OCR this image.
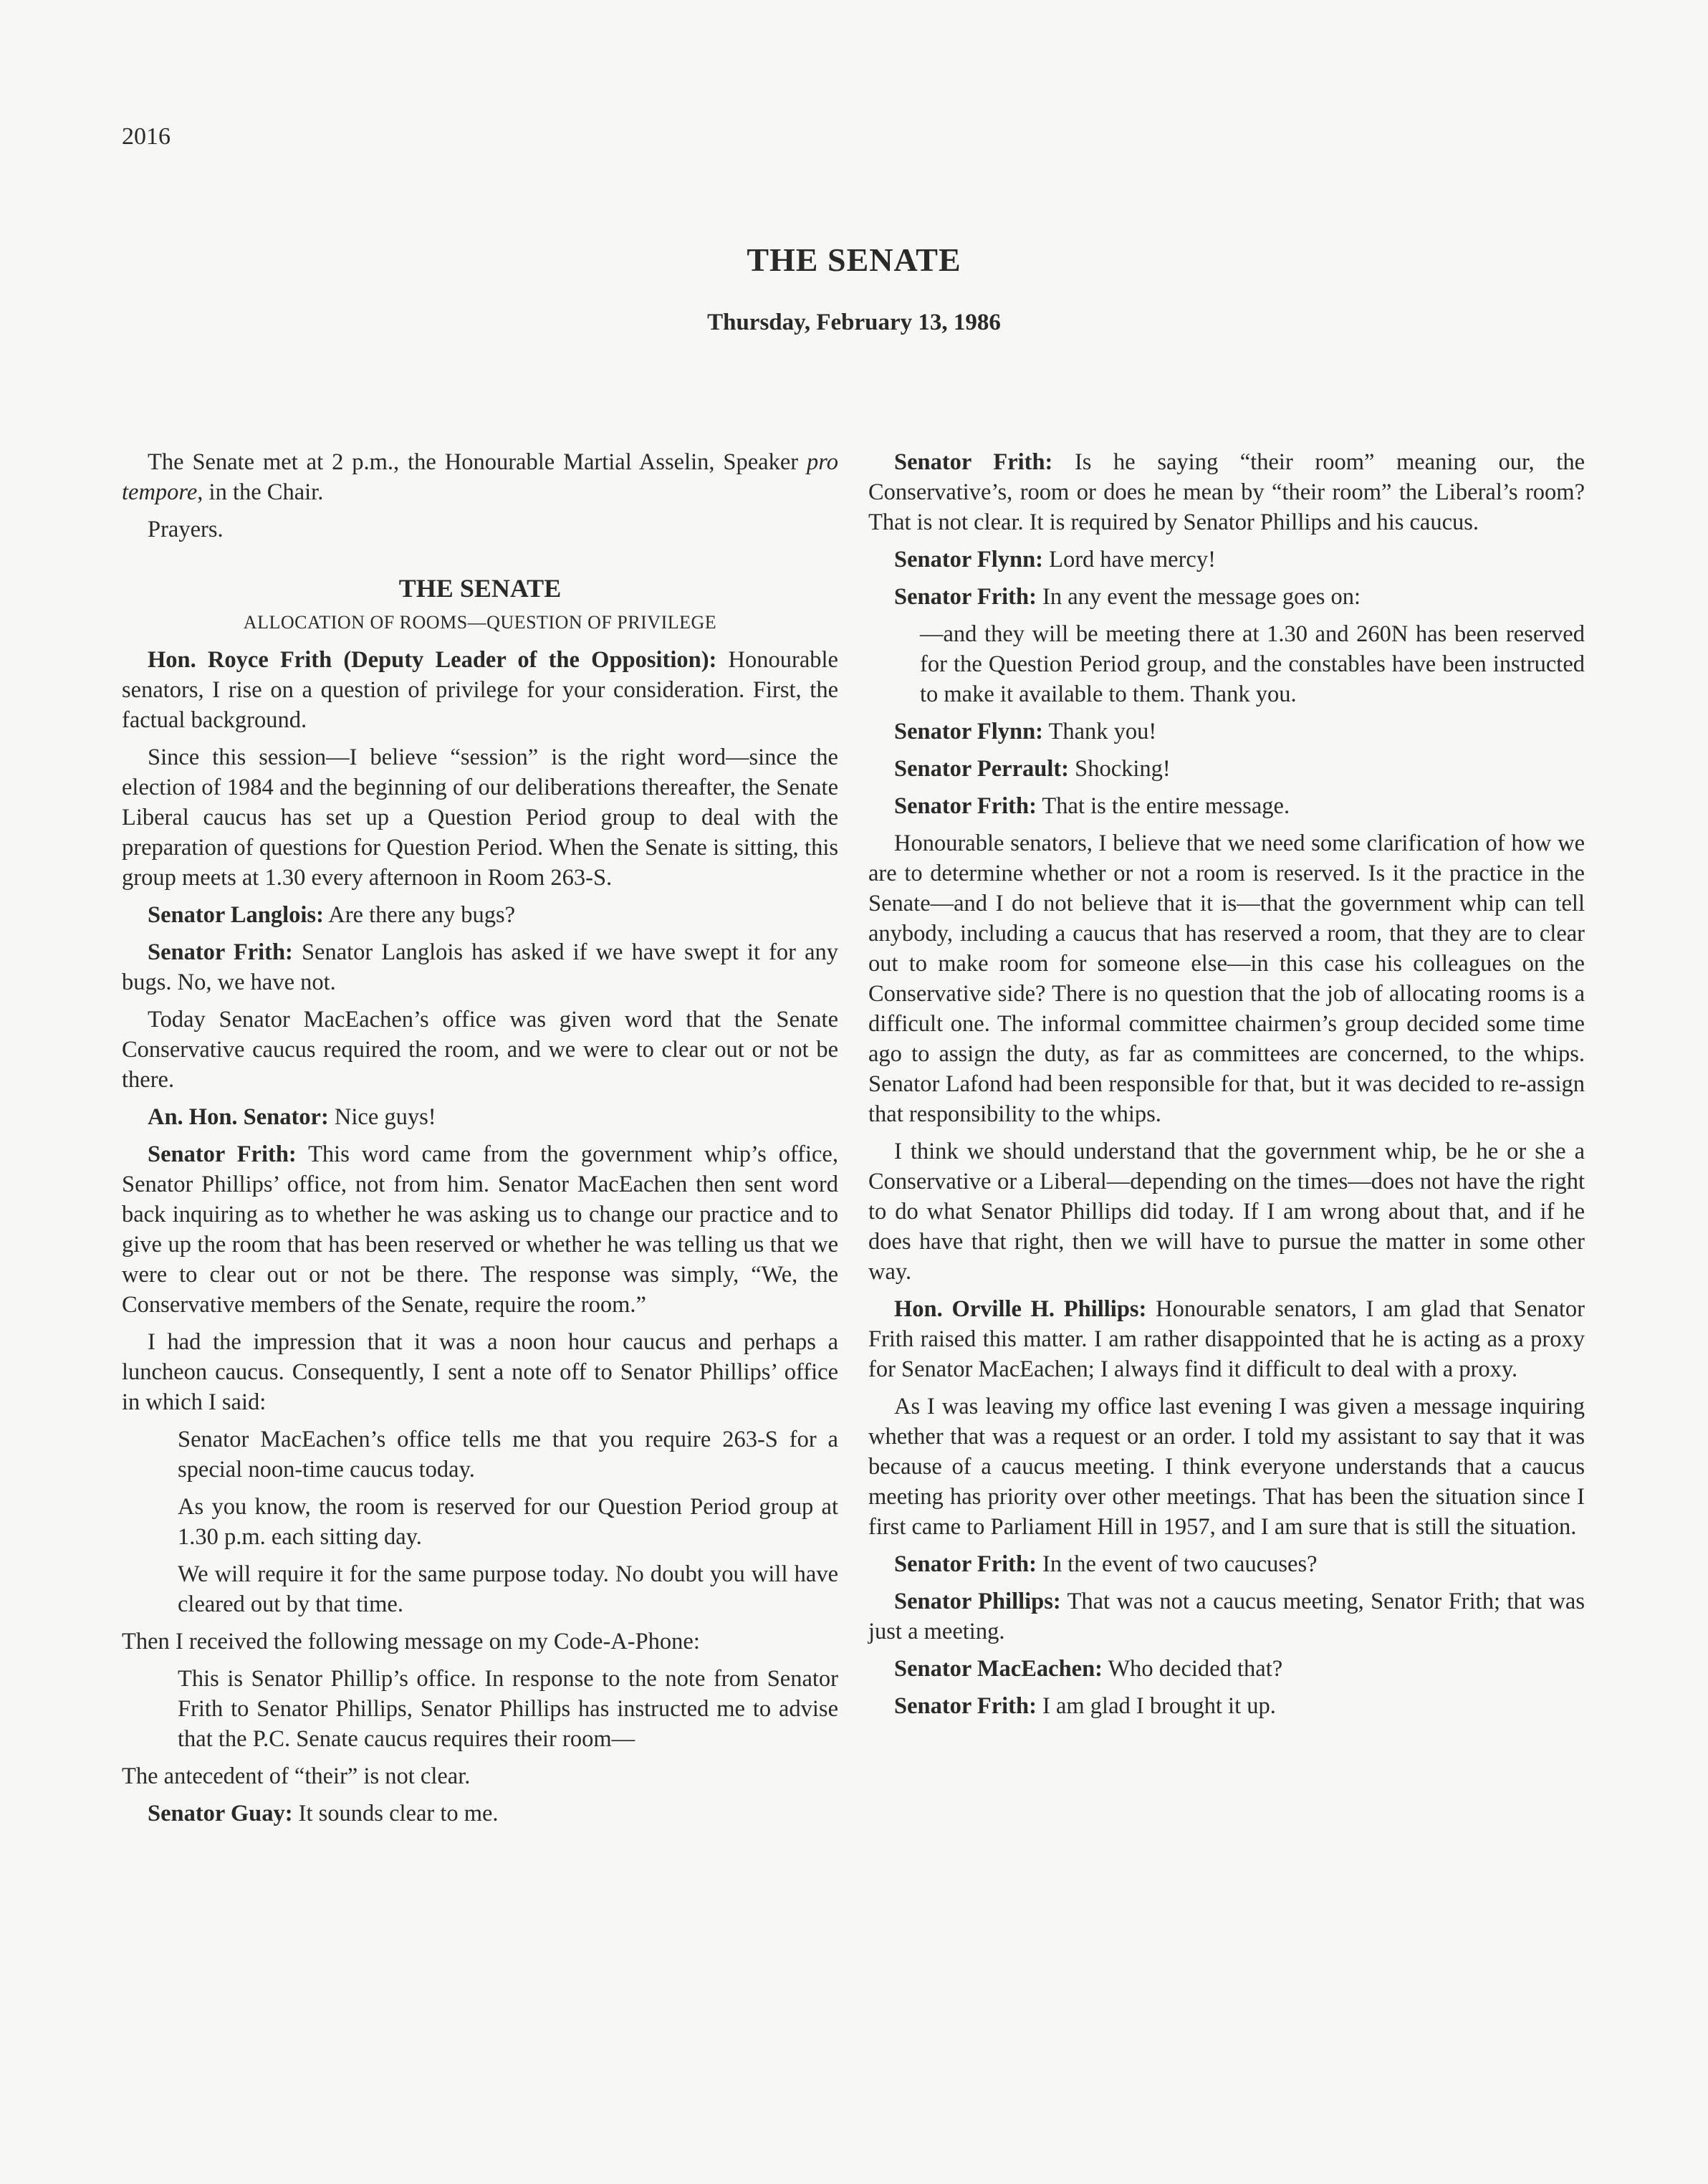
2016
THE SENATE
Thursday, February 13, 1986

The Senate met at 2 p.m., the Honourable Martial Asselin, Speaker pro tempore, in the Chair.

Prayers.

THE SENATE
ALLOCATION OF ROOMS—QUESTION OF PRIVILEGE

Hon. Royce Frith (Deputy Leader of the Opposition): Honourable senators, I rise on a question of privilege for your consideration. First, the factual background.

Since this session—I believe “session” is the right word—since the election of 1984 and the beginning of our deliberations thereafter, the Senate Liberal caucus has set up a Question Period group to deal with the preparation of questions for Question Period. When the Senate is sitting, this group meets at 1.30 every afternoon in Room 263-S.

Senator Langlois: Are there any bugs?

Senator Frith: Senator Langlois has asked if we have swept it for any bugs. No, we have not.

Today Senator MacEachen’s office was given word that the Senate Conservative caucus required the room, and we were to clear out or not be there.

An. Hon. Senator: Nice guys!

Senator Frith: This word came from the government whip’s office, Senator Phillips’ office, not from him. Senator MacEachen then sent word back inquiring as to whether he was asking us to change our practice and to give up the room that has been reserved or whether he was telling us that we were to clear out or not be there. The response was simply, “We, the Conservative members of the Senate, require the room.”

I had the impression that it was a noon hour caucus and perhaps a luncheon caucus. Consequently, I sent a note off to Senator Phillips’ office in which I said:

Senator MacEachen’s office tells me that you require 263-S for a special noon-time caucus today.

As you know, the room is reserved for our Question Period group at 1.30 p.m. each sitting day.

We will require it for the same purpose today. No doubt you will have cleared out by that time.

Then I received the following message on my Code-A-Phone:

This is Senator Phillip’s office. In response to the note from Senator Frith to Senator Phillips, Senator Phillips has instructed me to advise that the P.C. Senate caucus requires their room—

The antecedent of “their” is not clear.

Senator Guay: It sounds clear to me.

Senator Frith: Is he saying “their room” meaning our, the Conservative’s, room or does he mean by “their room” the Liberal’s room? That is not clear. It is required by Senator Phillips and his caucus.

Senator Flynn: Lord have mercy!

Senator Frith: In any event the message goes on:

—and they will be meeting there at 1.30 and 260N has been reserved for the Question Period group, and the constables have been instructed to make it available to them. Thank you.

Senator Flynn: Thank you!

Senator Perrault: Shocking!

Senator Frith: That is the entire message.

Honourable senators, I believe that we need some clarification of how we are to determine whether or not a room is reserved. Is it the practice in the Senate—and I do not believe that it is—that the government whip can tell anybody, including a caucus that has reserved a room, that they are to clear out to make room for someone else—in this case his colleagues on the Conservative side? There is no question that the job of allocating rooms is a difficult one. The informal committee chairmen’s group decided some time ago to assign the duty, as far as committees are concerned, to the whips. Senator Lafond had been responsible for that, but it was decided to re-assign that responsibility to the whips.

I think we should understand that the government whip, be he or she a Conservative or a Liberal—depending on the times—does not have the right to do what Senator Phillips did today. If I am wrong about that, and if he does have that right, then we will have to pursue the matter in some other way.

Hon. Orville H. Phillips: Honourable senators, I am glad that Senator Frith raised this matter. I am rather disappointed that he is acting as a proxy for Senator MacEachen; I always find it difficult to deal with a proxy.

As I was leaving my office last evening I was given a message inquiring whether that was a request or an order. I told my assistant to say that it was because of a caucus meeting. I think everyone understands that a caucus meeting has priority over other meetings. That has been the situation since I first came to Parliament Hill in 1957, and I am sure that is still the situation.

Senator Frith: In the event of two caucuses?

Senator Phillips: That was not a caucus meeting, Senator Frith; that was just a meeting.

Senator MacEachen: Who decided that?

Senator Frith: I am glad I brought it up.
